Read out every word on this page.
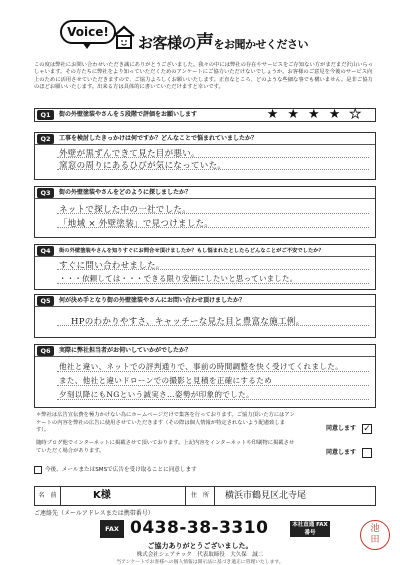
Voice!
お客様の声をお聞かせください
この度は弊社にお問い合わせいただき誠にありがとうございました。我々の中には弊社の存在やサービスをご存知ない方がまだまだ沢山いらっしゃいます。その方たちに弊社をより知っていただくためのアンケートにご協力いただけないでしょうか。お客様のご意見を今後のサービス向上のために活用させていただきますので、ご協力よろしくお願いいたします。正直なところ、どのような些細な事でも構いません。是非ご協力のほどお願いいたします。出来る方は具体的に書いていただけますと幸いです。
Q1	街の外壁塗装やさんを５段階で評価をお願いします	★ ★ ★ ★ ★
Q2	工事を検討したきっかけは何ですか？どんなことで悩まれていましたか？
外壁が黒ずんできて見た目が悪い。
窯窓の周りにあるひびが気になっていた。
Q3	街の外壁塗装やさんをどのように探しましたか？
ネットで探した中の一社でした。
「地域 × 外壁塗装」で見つけました。
Q4	街の外壁塗装やさんを知りすぐにお問合せ頂けましたか？もし悩まれたとしたらどんなことがご不安でしたか？
すぐに問い合わせました。
・・・依頼しては・・・できる限り安価にしたいと思っていました。
Q5	何が決め手となり街の外壁塗装やさんにお問い合わせ頂けましたか？
HPのわかりやすさ、キャッチーな見た目と豊富な施工例。
Q6	実際に弊社担当者がお伺いしていかがでしたか？
他社と違い、ネットでの評判通りで、事前の時間調整を快く受けてくれました。
また、他社と違いドローンでの撮影と見積を正確にするため
夕刻以降にもNGという誠実さ…姿勢が印象的でした。
＊弊社は広告宣伝費を極力かけない為にホームページだけで集客を行っております。ご協力頂いた方にはアンケートの内容を弊社の広告に使用させていただきます（その際は個人情報が特定されないよう配慮致します）。	同意します ✓
随時ブログ他でインターネットに掲載させて頂いております。上記内容をインターネットや印刷物に掲載させていただく場合があります。	同意します
今後、メールまたはSMSで広告を受け取ることに同意します
名　前	K様	住　所	横浜市鶴見区北寺尾
ご連絡先（メールアドレスまたは携帯番号）
FAX 0438-38-3310	本社直通 FAX番号	池
田
ご協力ありがとうございました。
株式会社シェアテック　代表取締役　大久保　誠二
当アンケートでお客様への個人情報は開示法に基づき適正に管理いたします。
